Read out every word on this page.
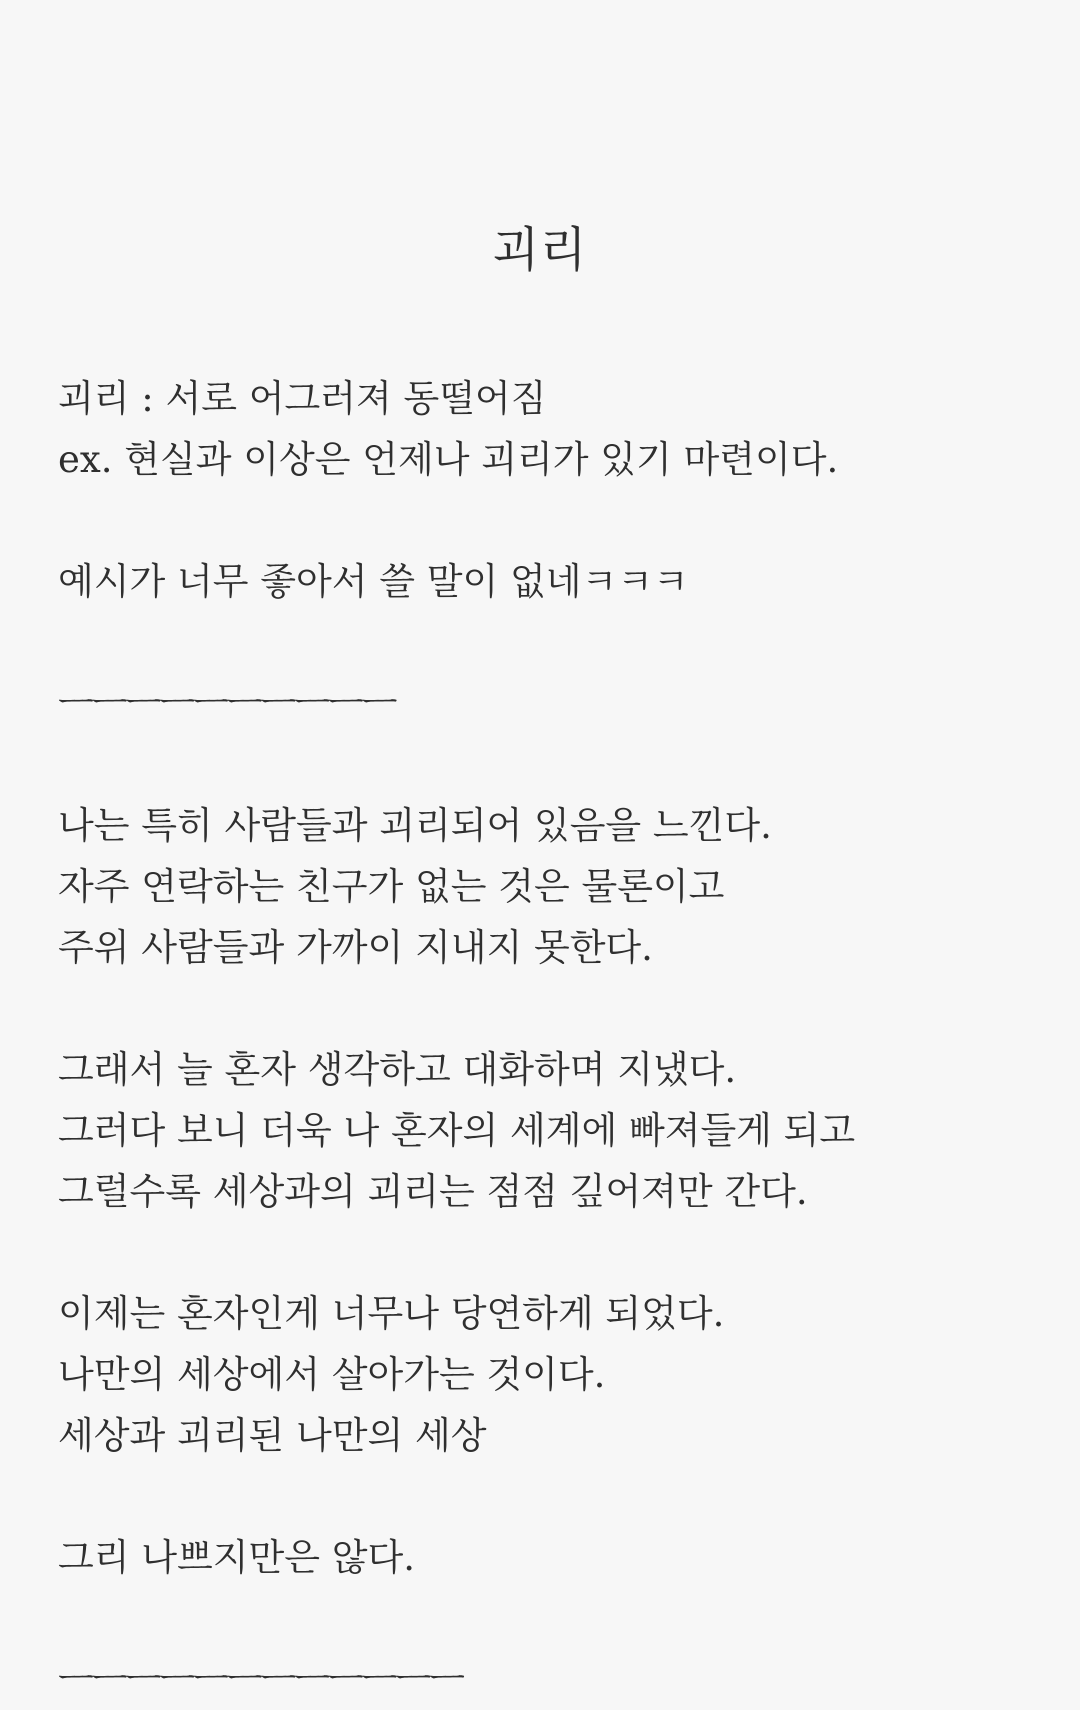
괴리
괴리 : 서로 어그러져 동떨어짐
ex. 현실과 이상은 언제나 괴리가 있기 마련이다.
예시가 너무 좋아서 쓸 말이 없네ㅋㅋㅋ
ㅡㅡㅡㅡㅡㅡㅡㅡㅡㅡ
나는 특히 사람들과 괴리되어 있음을 느낀다.
자주 연락하는 친구가 없는 것은 물론이고
주위 사람들과 가까이 지내지 못한다.
그래서 늘 혼자 생각하고 대화하며 지냈다.
그러다 보니 더욱 나 혼자의 세계에 빠져들게 되고
그럴수록 세상과의 괴리는 점점 깊어져만 간다.
이제는 혼자인게 너무나 당연하게 되었다.
나만의 세상에서 살아가는 것이다.
세상과 괴리된 나만의 세상
그리 나쁘지만은 않다.
ㅡㅡㅡㅡㅡㅡㅡㅡㅡㅡㅡㅡ
